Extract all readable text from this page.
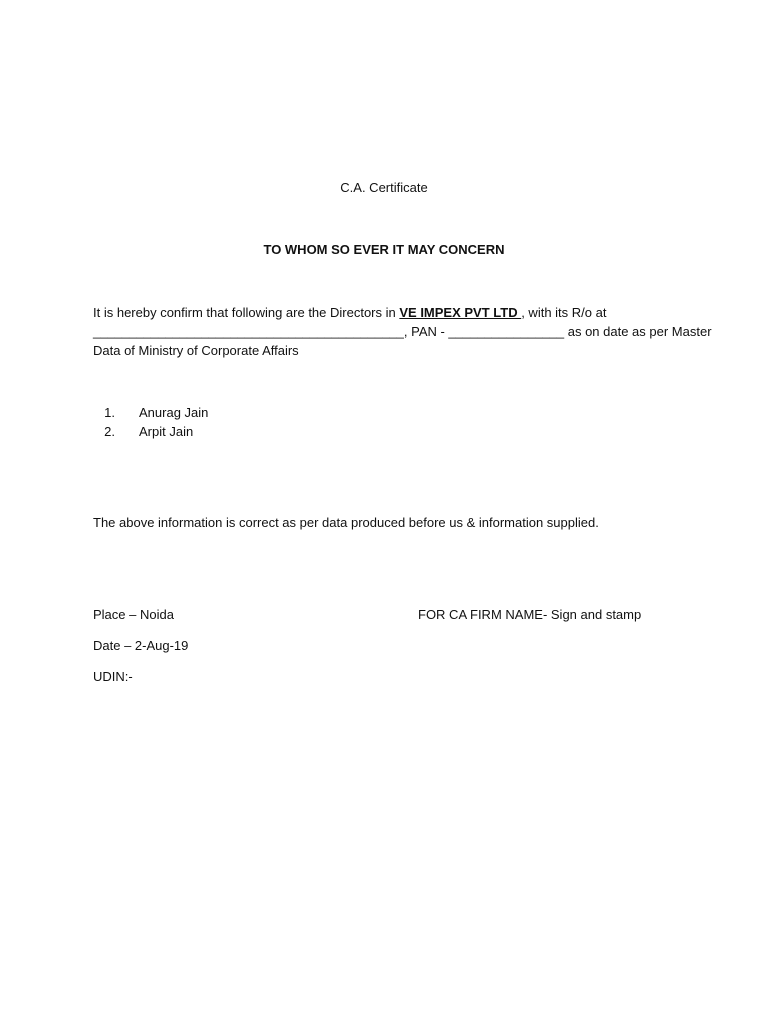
C.A. Certificate
TO WHOM SO EVER IT MAY CONCERN
It is hereby confirm that following are the Directors in VE IMPEX PVT LTD , with its R/o at
___________________________________________, PAN - ________________ as on date as per Master
Data of Ministry of Corporate Affairs
1. Anurag Jain
2. Arpit Jain
The above information is correct as per data produced before us & information supplied.
Place – Noida	FOR CA FIRM NAME- Sign and stamp
Date – 2-Aug-19
UDIN:-
